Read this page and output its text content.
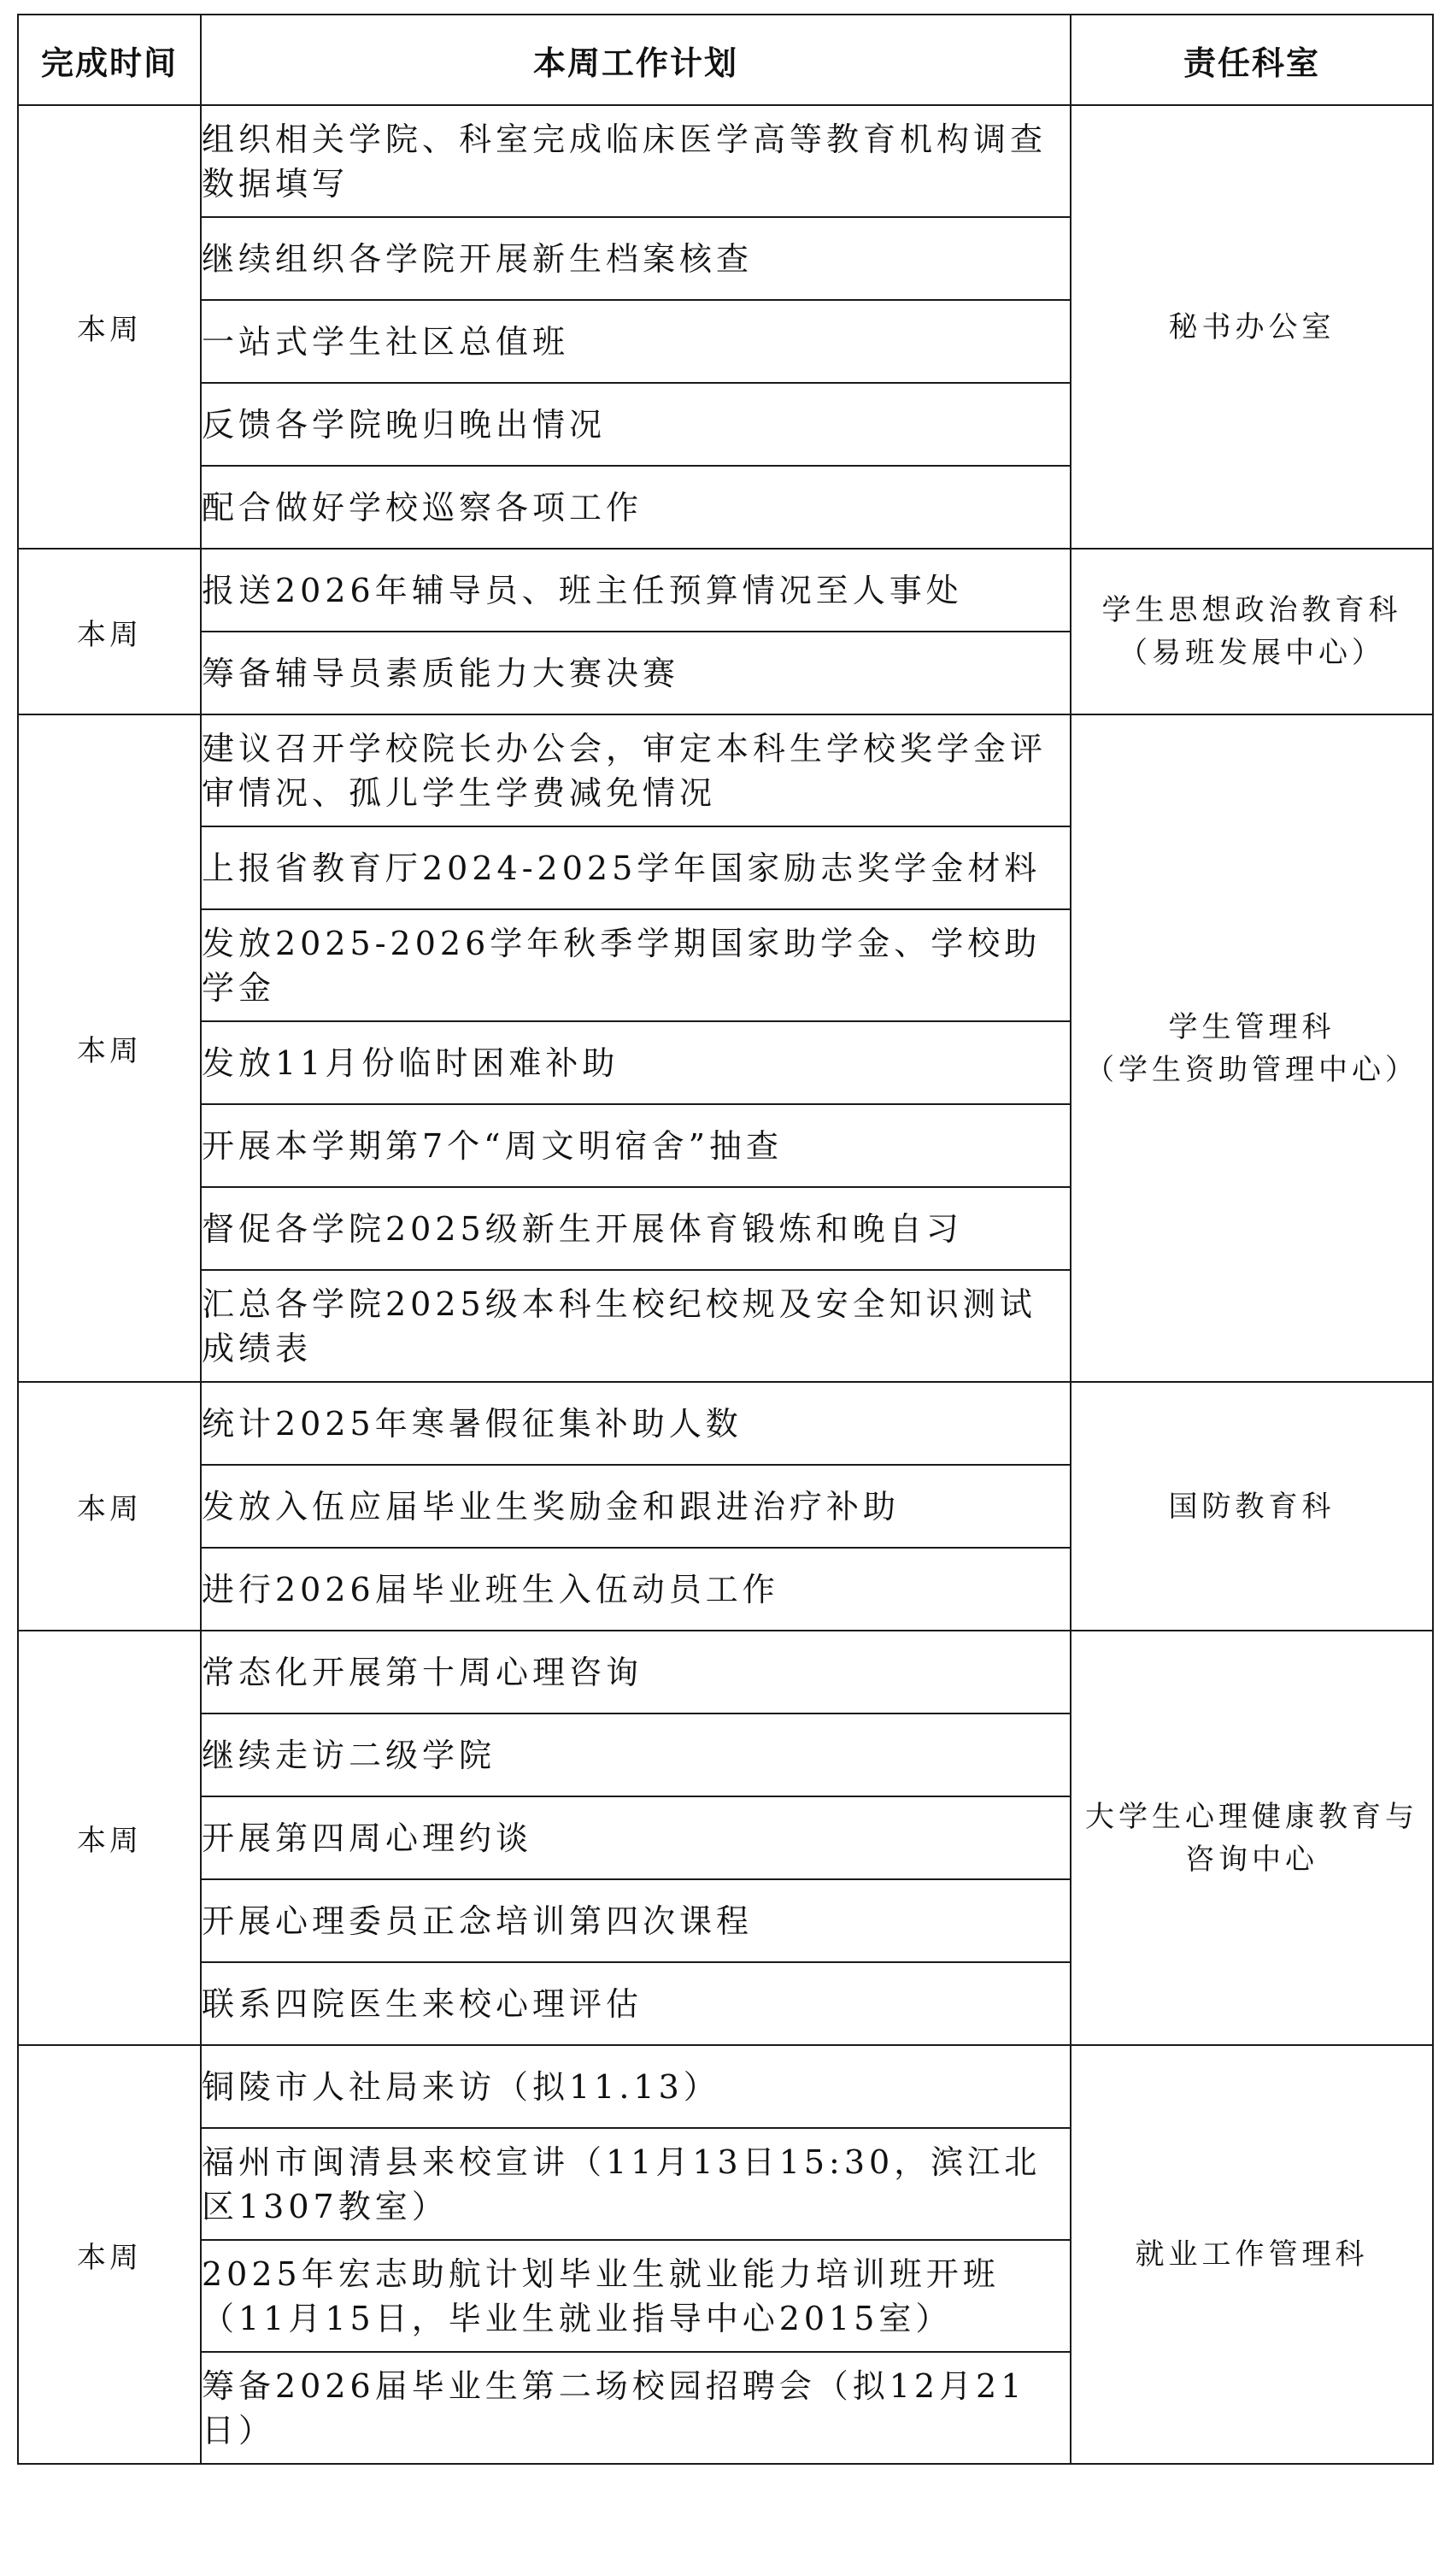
完成时间	本周工作计划	责任科室
本周	组织相关学院、科室完成临床医学高等教育机构调查数据填写	秘书办公室

	继续组织各学院开展新生档案核查	

	一站式学生社区总值班	

	反馈各学院晚归晚出情况	

	配合做好学校巡察各项工作	

本周	报送2026年辅导员、班主任预算情况至人事处	学生思想政治教育科
（易班发展中心）

	筹备辅导员素质能力大赛决赛	

本周	建议召开学校院长办公会，审定本科生学校奖学金评审情况、孤儿学生学费减免情况	学生管理科
（学生资助管理中心）

	上报省教育厅2024-2025学年国家励志奖学金材料	

	发放2025-2026学年秋季学期国家助学金、学校助学金	

	发放11月份临时困难补助	

	开展本学期第7个“周文明宿舍”抽查	

	督促各学院2025级新生开展体育锻炼和晚自习	

	汇总各学院2025级本科生校纪校规及安全知识测试成绩表	

本周	统计2025年寒暑假征集补助人数	国防教育科

	发放入伍应届毕业生奖励金和跟进治疗补助	

	进行2026届毕业班生入伍动员工作	

本周	常态化开展第十周心理咨询	大学生心理健康教育与
咨询中心

	继续走访二级学院	

	开展第四周心理约谈	

	开展心理委员正念培训第四次课程	

	联系四院医生来校心理评估	

本周	铜陵市人社局来访（拟11.13）	就业工作管理科

	福州市闽清县来校宣讲（11月13日15:30，滨江北区1307教室）	

	2025年宏志助航计划毕业生就业能力培训班开班（11月15日，毕业生就业指导中心2015室）	

	筹备2026届毕业生第二场校园招聘会（拟12月21日）	
